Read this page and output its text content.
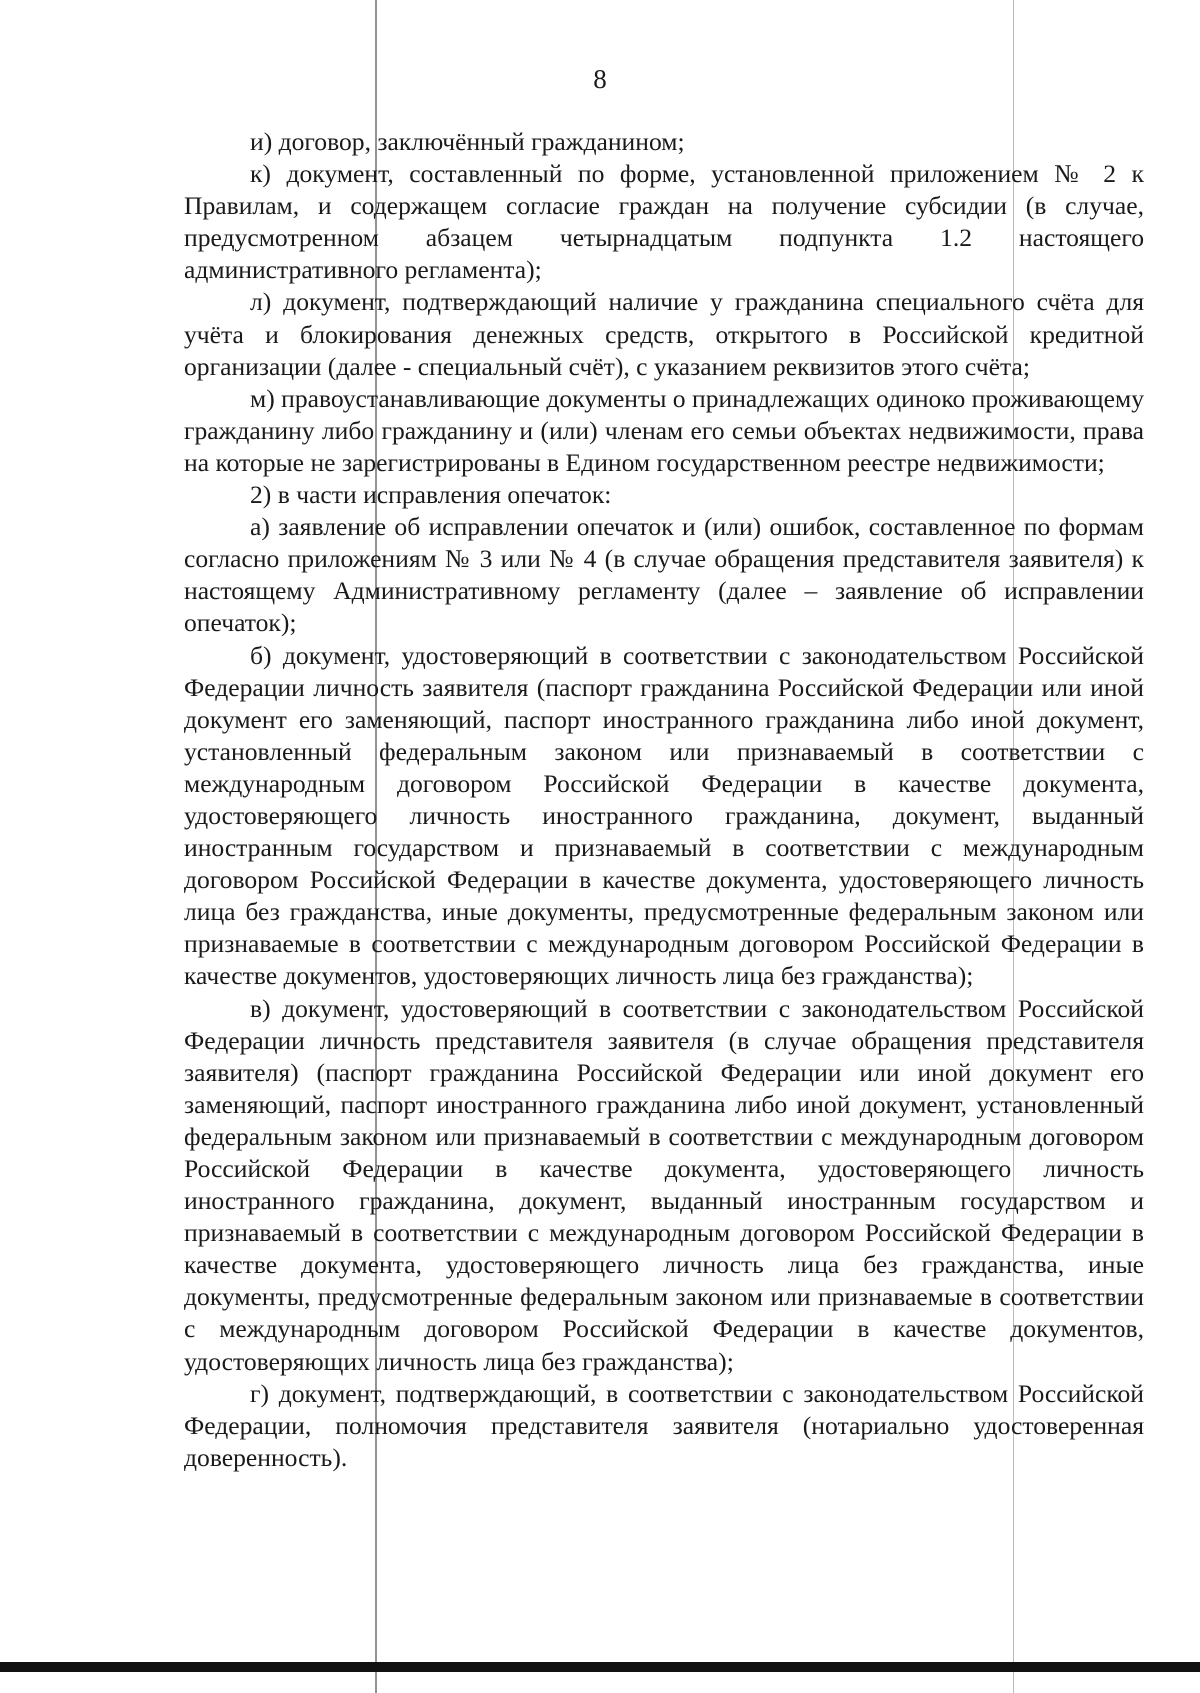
8

и) договор, заключённый гражданином;

к) документ, составленный по форме, установленной приложением № 2 к Правилам, и содержащем согласие граждан на получение субсидии (в случае, предусмотренном абзацем четырнадцатым подпункта 1.2 настоящего административного регламента);

л) документ, подтверждающий наличие у гражданина специального счёта для учёта и блокирования денежных средств, открытого в Российской кредитной организации (далее - специальный счёт), с указанием реквизитов этого счёта;

м) правоустанавливающие документы о принадлежащих одиноко проживающему гражданину либо гражданину и (или) членам его семьи объектах недвижимости, права на которые не зарегистрированы в Едином государственном реестре недвижимости;

2) в части исправления опечаток:

а) заявление об исправлении опечаток и (или) ошибок, составленное по формам согласно приложениям № 3 или № 4 (в случае обращения представителя заявителя) к настоящему Административному регламенту (далее – заявление об исправлении опечаток);

б) документ, удостоверяющий в соответствии с законодательством Российской Федерации личность заявителя (паспорт гражданина Российской Федерации или иной документ его заменяющий, паспорт иностранного гражданина либо иной документ, установленный федеральным законом или признаваемый в соответствии с международным договором Российской Федерации в качестве документа, удостоверяющего личность иностранного гражданина, документ, выданный иностранным государством и признаваемый в соответствии с международным договором Российской Федерации в качестве документа, удостоверяющего личность лица без гражданства, иные документы, предусмотренные федеральным законом или признаваемые в соответствии с международным договором Российской Федерации в качестве документов, удостоверяющих личность лица без гражданства);

в) документ, удостоверяющий в соответствии с законодательством Российской Федерации личность представителя заявителя (в случае обращения представителя заявителя) (паспорт гражданина Российской Федерации или иной документ его заменяющий, паспорт иностранного гражданина либо иной документ, установленный федеральным законом или признаваемый в соответствии с международным договором Российской Федерации в качестве документа, удостоверяющего личность иностранного гражданина, документ, выданный иностранным государством и признаваемый в соответствии с международным договором Российской Федерации в качестве документа, удостоверяющего личность лица без гражданства, иные документы, предусмотренные федеральным законом или признаваемые в соответствии с международным договором Российской Федерации в качестве документов, удостоверяющих личность лица без гражданства);

г) документ, подтверждающий, в соответствии с законодательством Российской Федерации, полномочия представителя заявителя (нотариально удостоверенная доверенность).
